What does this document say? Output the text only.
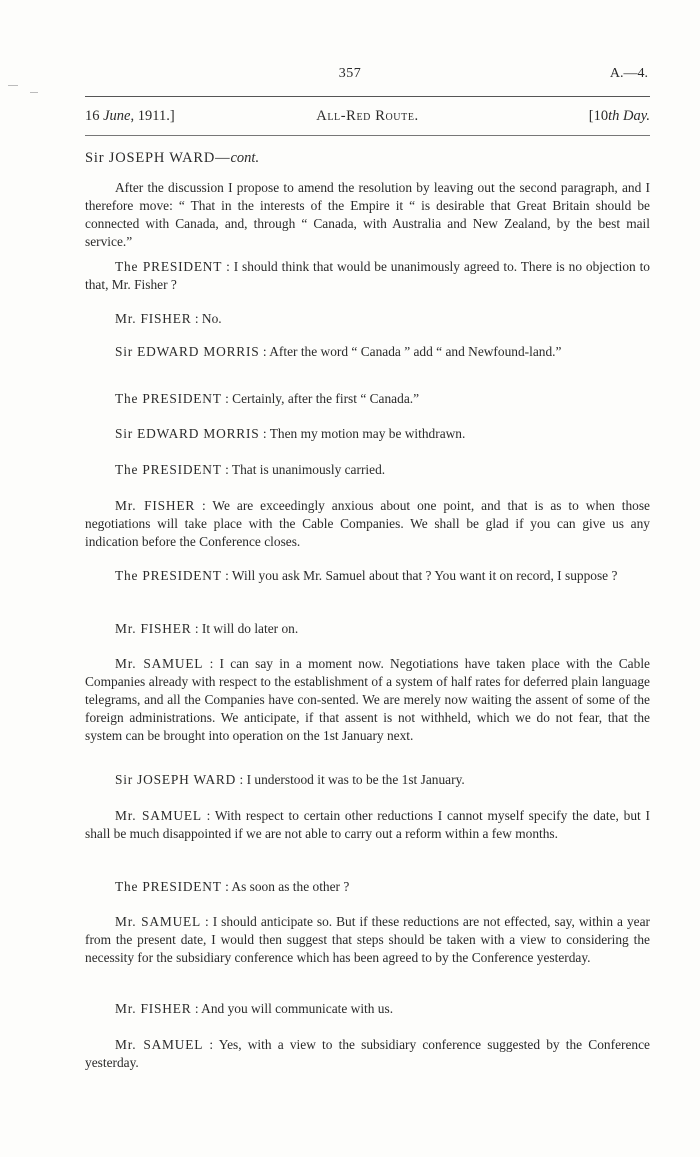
357	A.—4.
16 June, 1911.]	All-Red Route.	[10th Day.
Sir JOSEPH WARD—cont.

After the discussion I propose to amend the resolution by leaving out the second paragraph, and I therefore move: “ That in the interests of the Empire it “ is desirable that Great Britain should be connected with Canada, and, through “ Canada, with Australia and New Zealand, by the best mail service.”

The PRESIDENT : I should think that would be unanimously agreed to. There is no objection to that, Mr. Fisher ?

Mr. FISHER : No.

Sir EDWARD MORRIS : After the word “ Canada ” add “ and Newfound-land.”

The PRESIDENT : Certainly, after the first “ Canada.”

Sir EDWARD MORRIS : Then my motion may be withdrawn.

The PRESIDENT : That is unanimously carried.

Mr. FISHER : We are exceedingly anxious about one point, and that is as to when those negotiations will take place with the Cable Companies. We shall be glad if you can give us any indication before the Conference closes.

The PRESIDENT : Will you ask Mr. Samuel about that ? You want it on record, I suppose ?

Mr. FISHER : It will do later on.

Mr. SAMUEL : I can say in a moment now. Negotiations have taken place with the Cable Companies already with respect to the establishment of a system of half rates for deferred plain language telegrams, and all the Companies have con-sented. We are merely now waiting the assent of some of the foreign administrations. We anticipate, if that assent is not withheld, which we do not fear, that the system can be brought into operation on the 1st January next.

Sir JOSEPH WARD : I understood it was to be the 1st January.

Mr. SAMUEL : With respect to certain other reductions I cannot myself specify the date, but I shall be much disappointed if we are not able to carry out a reform within a few months.

The PRESIDENT : As soon as the other ?

Mr. SAMUEL : I should anticipate so. But if these reductions are not effected, say, within a year from the present date, I would then suggest that steps should be taken with a view to considering the necessity for the subsidiary conference which has been agreed to by the Conference yesterday.

Mr. FISHER : And you will communicate with us.

Mr. SAMUEL : Yes, with a view to the subsidiary conference suggested by the Conference yesterday.
